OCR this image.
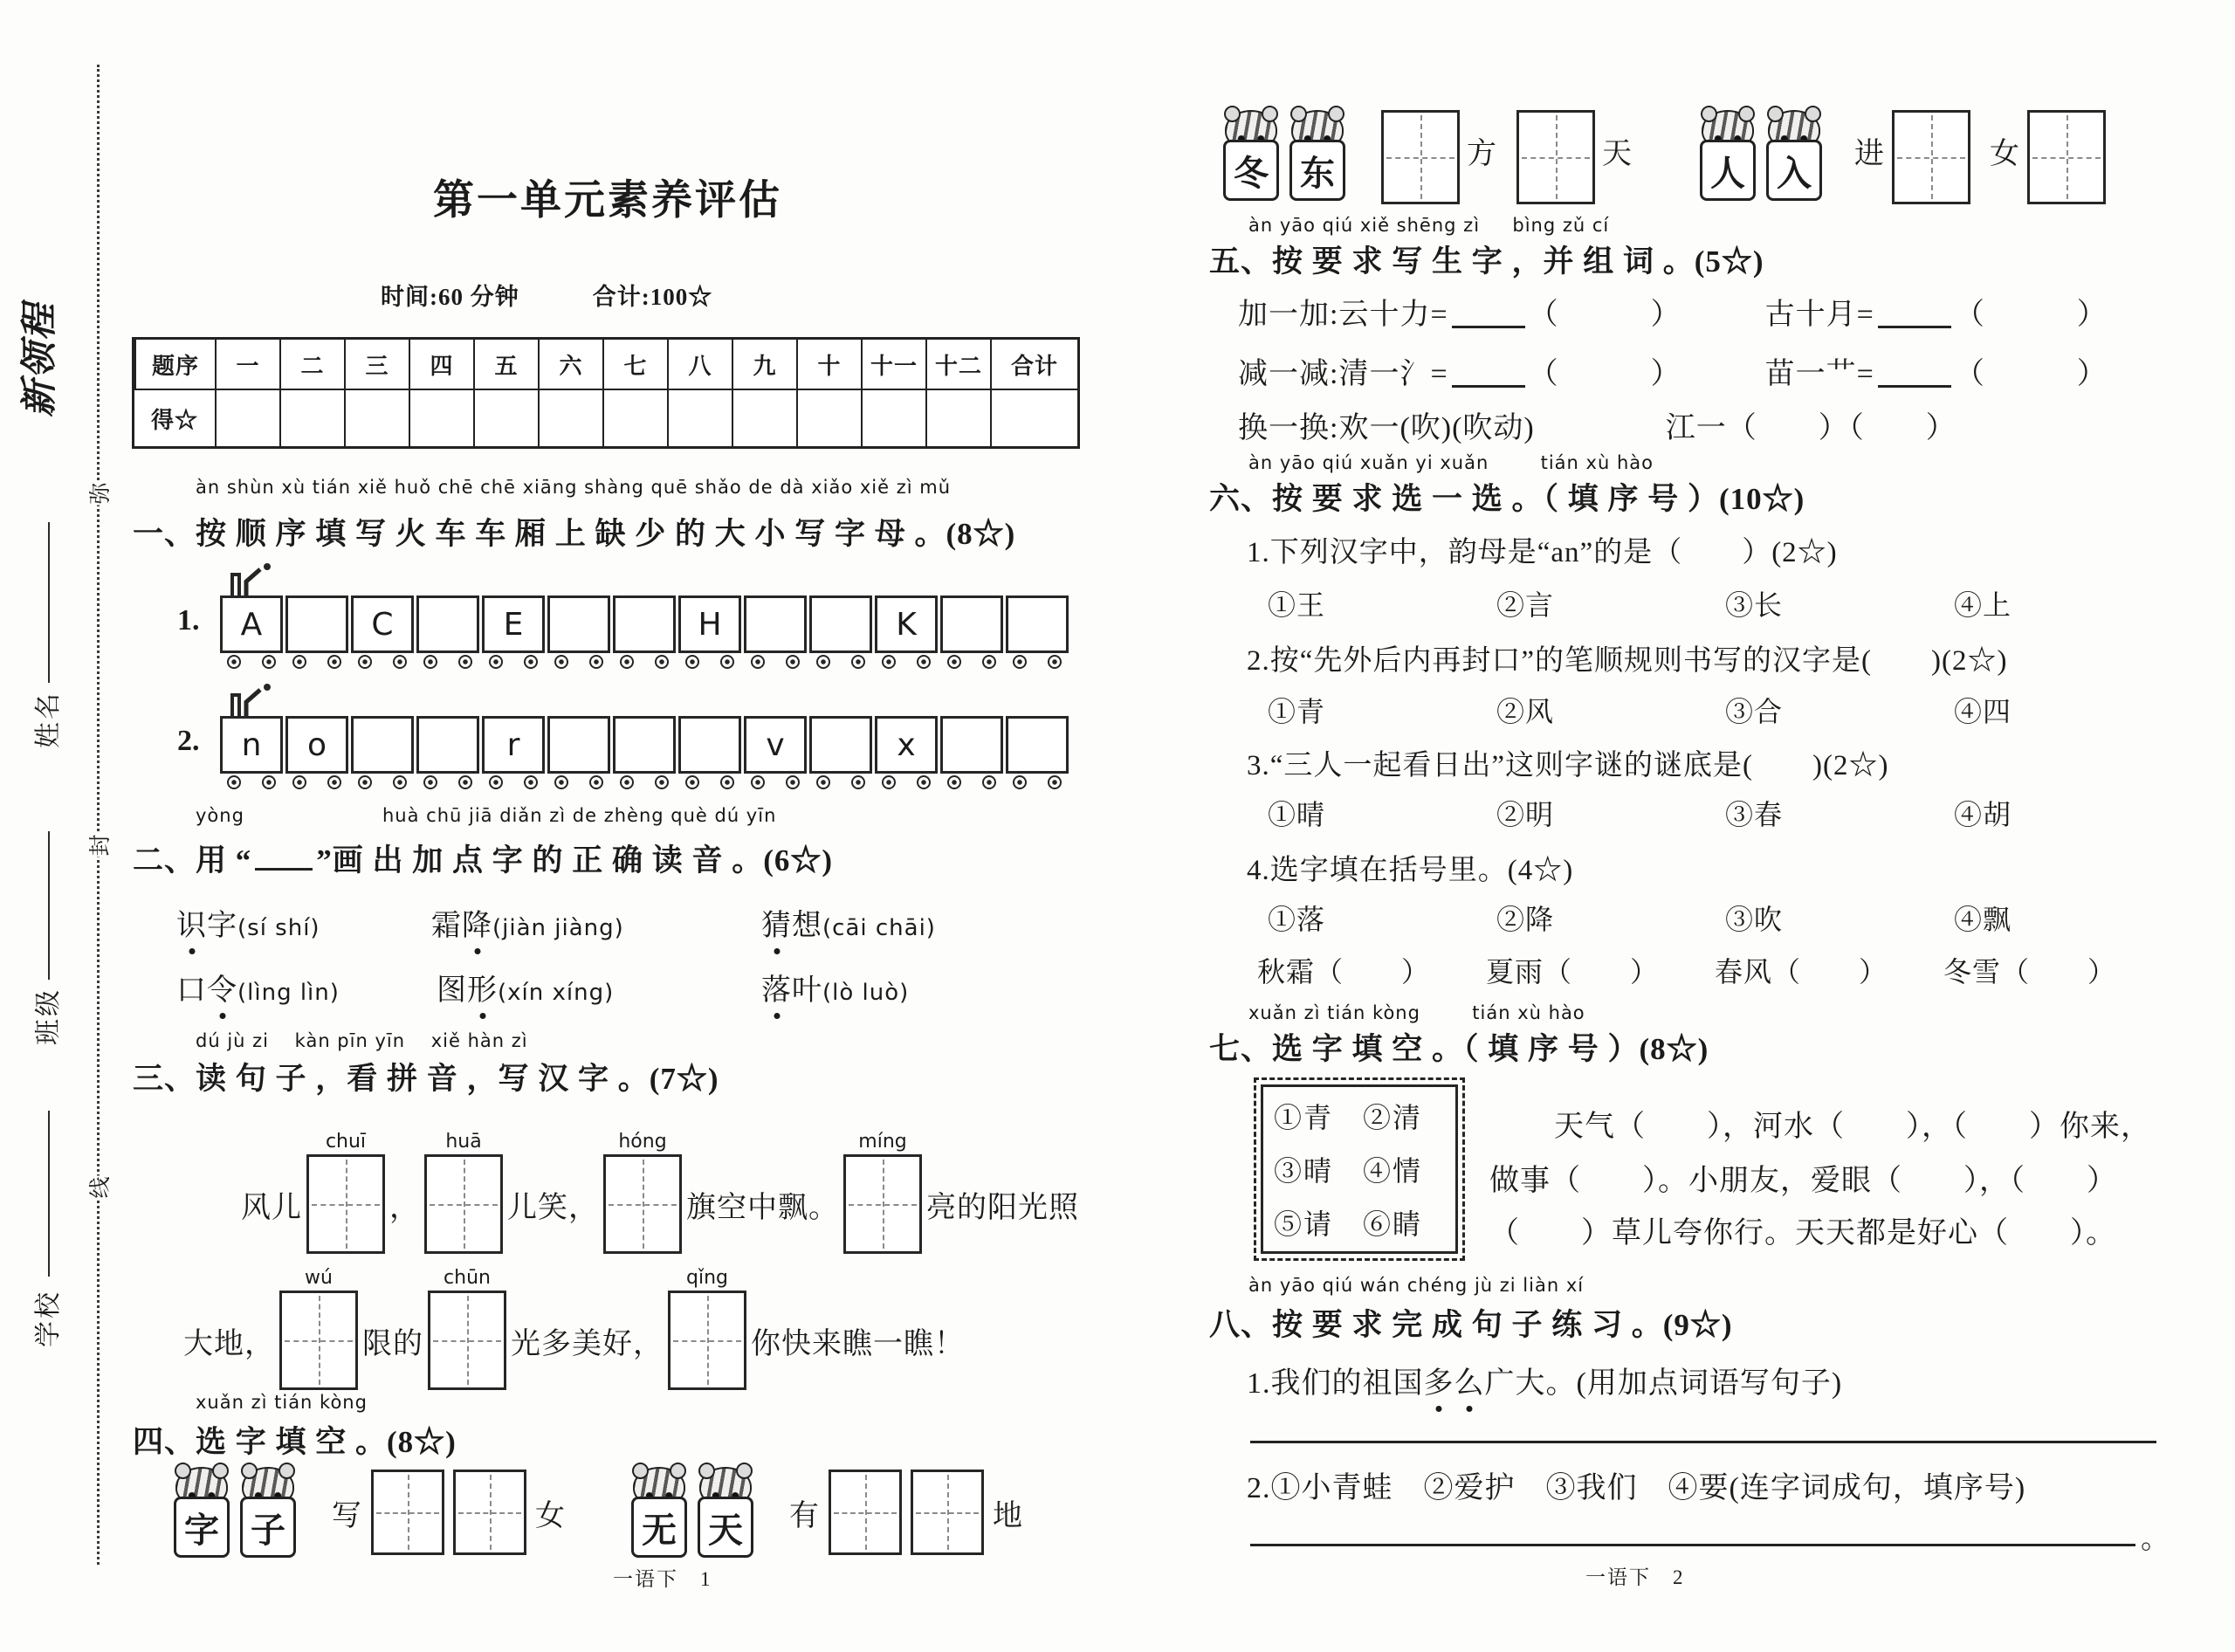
新领程
弥
封
线
姓名
班级
学校
第一单元素养评估
时间:60 分钟　　　合计:100☆
题序 一 二 三 四 五 六 七 八 九 十 十一 十二 合计
得☆
àn shùn xù tián xiě huǒ chē chē xiāng shàng quē shǎo de dà xiǎo xiě zì mǔ
一、按 顺 序 填 写 火 车 车 厢 上 缺 少 的 大 小 写 字 母 。(8☆)
1. A	C	E	H	K
2. n o	r	v	x
yòng	huà chū jiā diǎn zì de zhèng què dú yīn
二、用 “ ”画 出 加 点 字 的 正 确 读 音 。(6☆)
识字(sí shí)	霜降(jiàn jiàng)	猜想(cāi chāi)
口令(lìng lìn)	图形(xín xíng)	落叶(lò luò)
dú jù zi　 kàn pīn yīn　 xiě hàn zì
三、读 句 子 ，看 拼 音 ，写 汉 字 。(7☆)
风儿
chuī
，
huā
儿笑，
hóng
旗空中飘。
míng
亮的阳光照
大地，
wú
限的
chūn
光多美好，
qǐng
你快来瞧一瞧！
xuǎn zì tián kòng
四、选 字 填 空 。(8☆)
字 子	写	女	无 天	有	地
一语下　1
冬 东	方	天	人 入	进	女
àn yāo qiú xiě shēng zì 　 bìng zǔ cí
五、按 要 求 写 生 字 ，并 组 词 。(5☆)
加一加:云十力=	（　　　）	古十月=	（　　　）
减一减:清一氵=	（　　　）	苗一艹=	（　　　）
换一换:欢一(吹)(吹动)	江一（　　）（　　）
àn yāo qiú xuǎn yi xuǎn 　　 tián xù hào
六、按 要 求 选 一 选 。（ 填 序 号 ）(10☆)
1.下列汉字中，韵母是“an”的是（　　）(2☆)
①王	②言	③长	④上
2.按“先外后内再封口”的笔顺规则书写的汉字是(　　)(2☆)
①青	②风	③合	④四
3.“三人一起看日出”这则字谜的谜底是(　　)(2☆)
①晴	②明	③春	④胡
4.选字填在括号里。(4☆)
①落	②降	③吹	④飘
秋霜（　　）	夏雨（　　）	春风（　　）	冬雪（　　）
xuǎn zì tián kòng 　　 tián xù hào
七、选 字 填 空 。（ 填 序 号 ）(8☆)
①青　②清
③晴　④情
⑤请　⑥睛
天气（　　），河水（　　），（　　）你来，
做事（　　）。小朋友，爱眼（　　），（　　）
（　　）草儿夸你行。天天都是好心（　　）。
àn yāo qiú wán chéng jù zi liàn xí
八、按 要 求 完 成 句 子 练 习 。(9☆)
1.我们的祖国多么广大。(用加点词语写句子)
2.①小青蛙　②爱护　③我们　④要(连字词成句，填序号)
。
一语下　2
